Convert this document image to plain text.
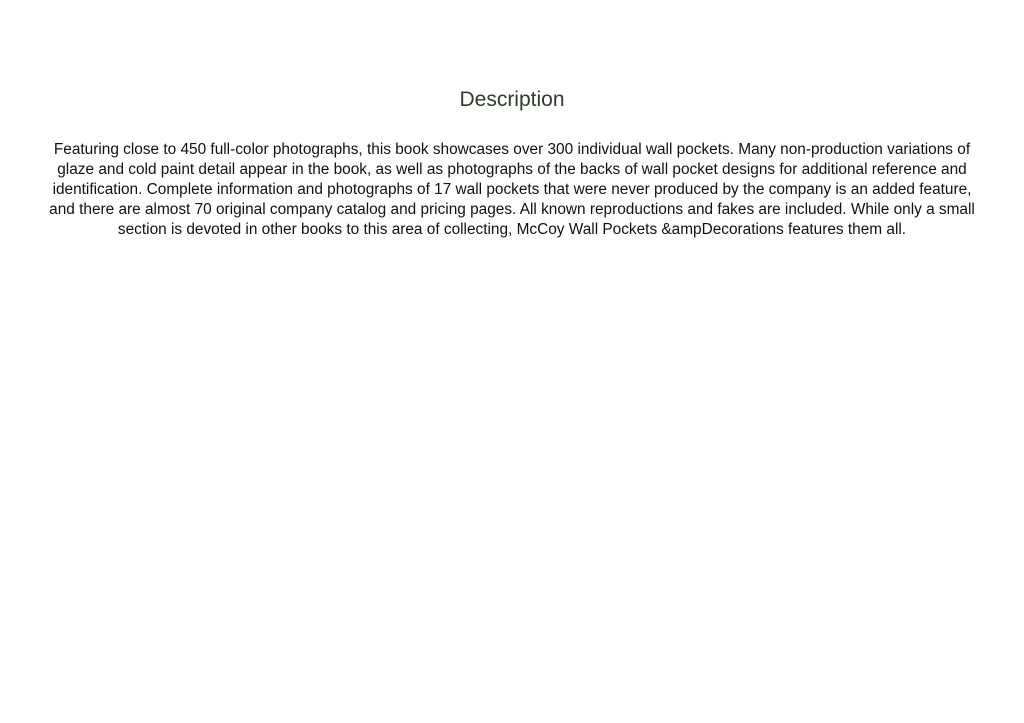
Description

Featuring close to 450 full-color photographs, this book showcases over 300 individual wall pockets. Many non-production variations of glaze and cold paint detail appear in the book, as well as photographs of the backs of wall pocket designs for additional reference and identification. Complete information and photographs of 17 wall pockets that were never produced by the company is an added feature, and there are almost 70 original company catalog and pricing pages. All known reproductions and fakes are included. While only a small section is devoted in other books to this area of collecting, McCoy Wall Pockets &ampDecorations features them all.
